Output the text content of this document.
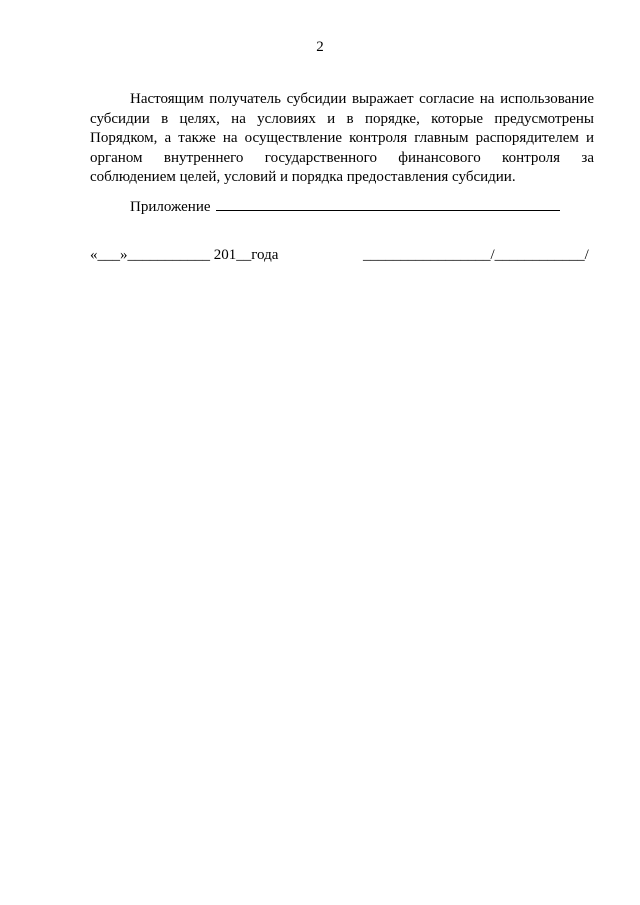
2

Настоящим получатель субсидии выражает согласие на использование субсидии в целях, на условиях и в порядке, которые предусмотрены Порядком, а также на осуществление контроля главным распорядителем и органом внутреннего государственного финансового контроля за соблюдением целей, условий и порядка предоставления субсидии.

Приложение
«___»___________ 201__года	_________________/____________/
